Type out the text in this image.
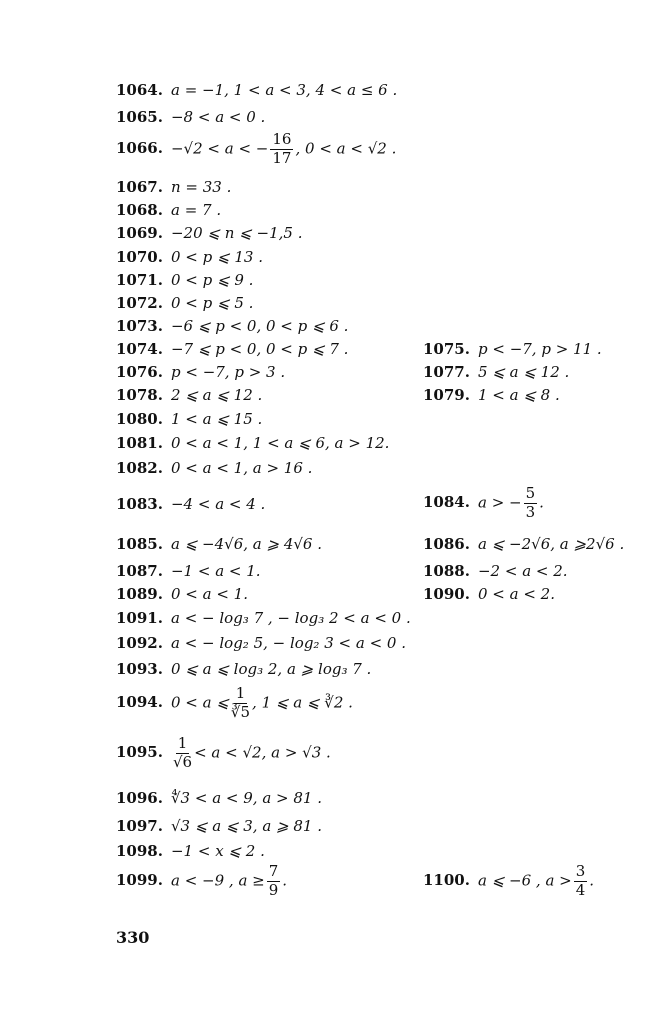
1064. a = −1, 1 < a < 3, 4 < a ≤ 6 .
1065. −8 < a < 0 .
1066. −√2 < a < − $\frac{16}{17}$ , 0 < a < √2 .
1067. n = 33 .
1068. a = 7 .
1069. −20 ⩽ n ⩽ −1,5 .
1070. 0 < p ⩽ 13 .
1071. 0 < p ⩽ 9 .
1072. 0 < p ⩽ 5 .
1073. −6 ⩽ p < 0, 0 < p ⩽ 6 .
1074. −7 ⩽ p < 0, 0 < p ⩽ 7 .	1075. p < −7, p > 11 .
1076. p < −7, p > 3 .	1077. 5 ⩽ a ⩽ 12 .
1078. 2 ⩽ a ⩽ 12 .	1079. 1 < a ⩽ 8 .
1080. 1 < a ⩽ 15 .
1081. 0 < a < 1, 1 < a ⩽ 6, a > 12.
1082. 0 < a < 1, a > 16 .
1083. −4 < a < 4 .	1084. a > − $\frac{5}{3}$ .
1085. a ⩽ −4√6, a ⩾ 4√6 .	1086. a ⩽ −2√6, a ⩾2√6 .
1087. −1 < a < 1.	1088. −2 < a < 2.
1089. 0 < a < 1.	1090. 0 < a < 2.
1091. a < − log₃ 7 , − log₃ 2 < a < 0 .
1092. a < − log₂ 5, − log₂ 3 < a < 0 .
1093. 0 ⩽ a ⩽ log₃ 2, a ⩾ log₃ 7 .
1094. 0 < a ⩽ $\frac{1}{∛5}$ , 1 ⩽ a ⩽ ∛2 .
1095. $\frac{1}{√6} < a < √2$, a > √3 .
1096. ∜3 < a < 9, a > 81 .
1097. √3 ⩽ a ⩽ 3, a ⩾ 81 .
1098. −1 < x ⩽ 2 .
1099. a < −9 , $a \ge \frac{7}{9}$ .	1100. a ⩽ −6 , $a > \frac{3}{4}$ .
330
